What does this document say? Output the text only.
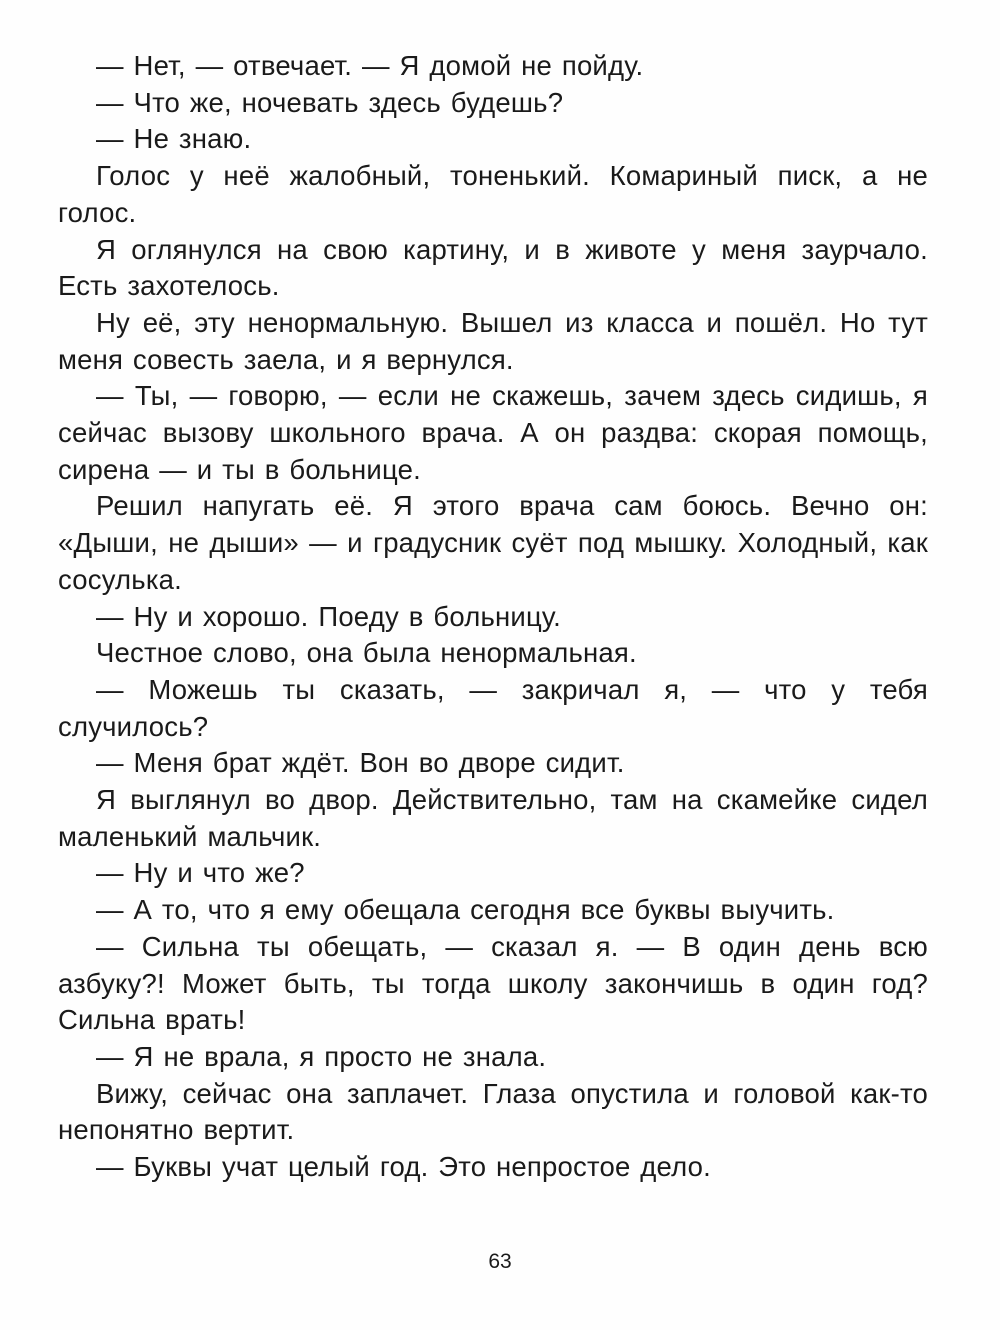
— Нет, — отвечает. — Я домой не пойду.

— Что же, ночевать здесь будешь?

— Не знаю.

Голос у неё жалобный, тоненький. Комариный писк, а не голос.

Я оглянулся на свою картину, и в животе у меня заурчало. Есть захотелось.

Ну её, эту ненормальную. Вышел из класса и пошёл. Но тут меня совесть заела, и я вернулся.

— Ты, — говорю, — если не скажешь, зачем здесь сидишь, я сейчас вызову школьного врача. А он раздва: скорая помощь, сирена — и ты в больнице.

Решил напугать её. Я этого врача сам боюсь. Вечно он: «Дыши, не дыши» — и градусник суёт под мышку. Холодный, как сосулька.

— Ну и хорошо. Поеду в больницу.

Честное слово, она была ненормальная.

— Можешь ты сказать, — закричал я, — что у тебя случилось?

— Меня брат ждёт. Вон во дворе сидит.

Я выглянул во двор. Действительно, там на скамейке сидел маленький мальчик.

— Ну и что же?

— А то, что я ему обещала сегодня все буквы выучить.

— Сильна ты обещать, — сказал я. — В один день всю азбуку?! Может быть, ты тогда школу закончишь в один год? Сильна врать!

— Я не врала, я просто не знала.

Вижу, сейчас она заплачет. Глаза опустила и головой как-то непонятно вертит.

— Буквы учат целый год. Это непростое дело.

63
